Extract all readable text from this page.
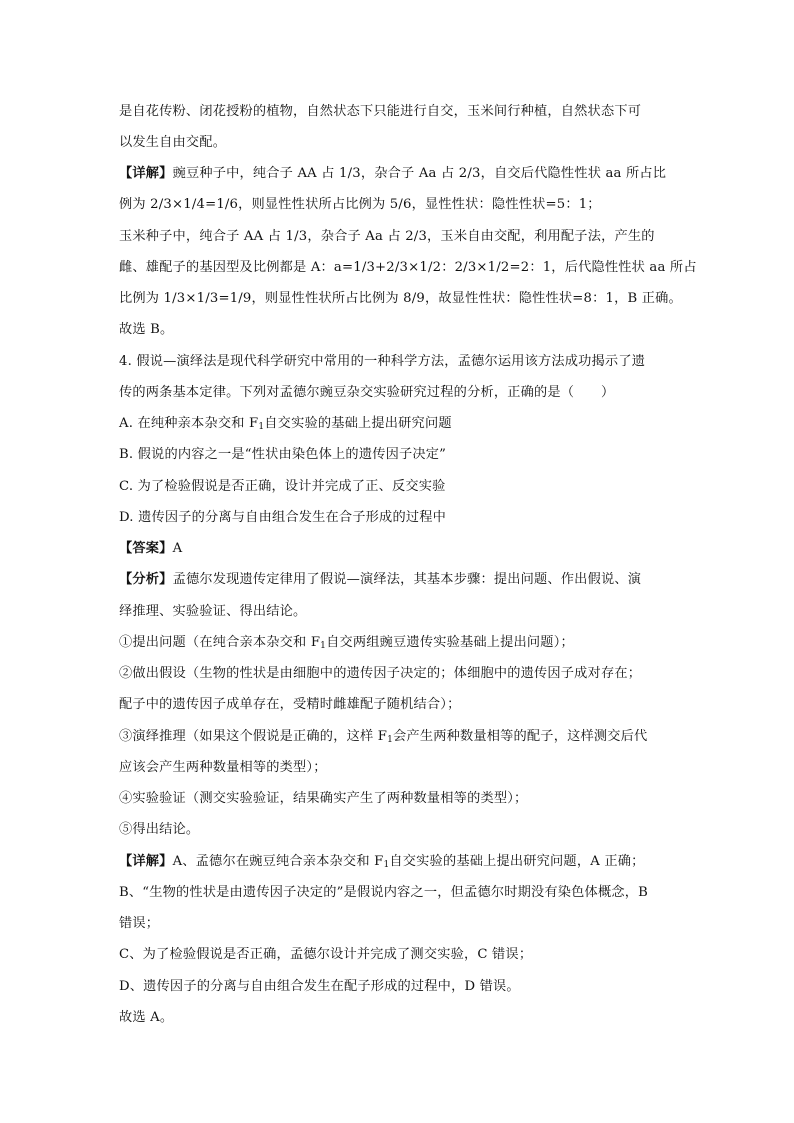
是自花传粉、闭花授粉的植物，自然状态下只能进行自交，玉米间行种植，自然状态下可
以发生自由交配。
【详解】豌豆种子中，纯合子 AA 占 1/3，杂合子 Aa 占 2/3，自交后代隐性性状 aa 所占比
例为 2/3×1/4=1/6，则显性性状所占比例为 5/6，显性性状：隐性性状=5：1；
玉米种子中，纯合子 AA 占 1/3，杂合子 Aa 占 2/3，玉米自由交配，利用配子法，产生的
雌、雄配子的基因型及比例都是 A：a=1/3+2/3×1/2：2/3×1/2=2：1，后代隐性性状 aa 所占
比例为 1/3×1/3=1/9，则显性性状所占比例为 8/9，故显性性状：隐性性状=8：1，B 正确。
故选 B。
4. 假说—演绎法是现代科学研究中常用的一种科学方法，孟德尔运用该方法成功揭示了遗
传的两条基本定律。下列对孟德尔豌豆杂交实验研究过程的分析，正确的是（　　）
A. 在纯种亲本杂交和 $F_1$自交实验的基础上提出研究问题
B. 假说的内容之一是“性状由染色体上的遗传因子决定”
C. 为了检验假说是否正确，设计并完成了正、反交实验
D. 遗传因子的分离与自由组合发生在合子形成的过程中
【答案】A
【分析】孟德尔发现遗传定律用了假说—演绎法，其基本步骤：提出问题、作出假说、演
绎推理、实验验证、得出结论。
①提出问题（在纯合亲本杂交和 $F_1$自交两组豌豆遗传实验基础上提出问题）；
②做出假设（生物的性状是由细胞中的遗传因子决定的；体细胞中的遗传因子成对存在；
配子中的遗传因子成单存在，受精时雌雄配子随机结合）；
③演绎推理（如果这个假说是正确的，这样 $F_1$会产生两种数量相等的配子，这样测交后代
应该会产生两种数量相等的类型）；
④实验验证（测交实验验证，结果确实产生了两种数量相等的类型）；
⑤得出结论。
【详解】A、孟德尔在豌豆纯合亲本杂交和 $F_1$自交实验的基础上提出研究问题，A 正确；
B、“生物的性状是由遗传因子决定的”是假说内容之一，但孟德尔时期没有染色体概念，B
错误；
C、为了检验假说是否正确，孟德尔设计并完成了测交实验，C 错误；
D、遗传因子的分离与自由组合发生在配子形成的过程中，D 错误。
故选 A。
